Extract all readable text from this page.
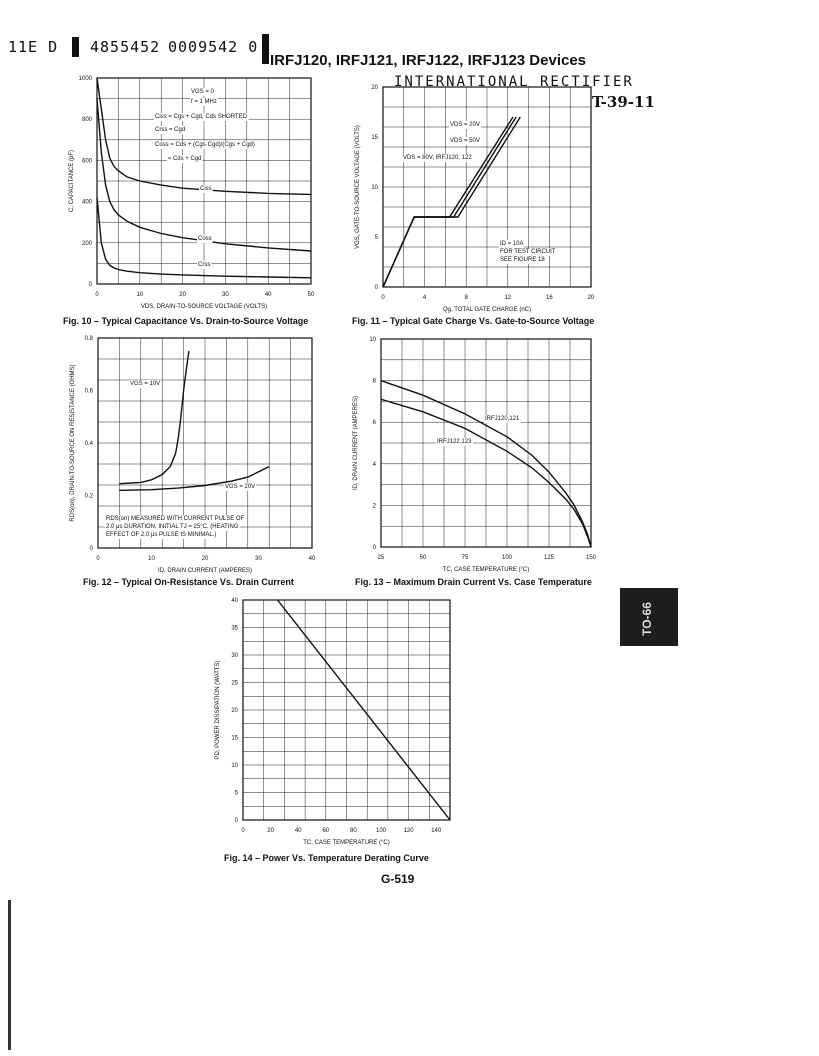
11E D 4855452 0009542 0
IRFJ120, IRFJ121, IRFJ122, IRFJ123 Devices
INTERNATIONAL RECTIFIER
T-39-11
0	10	20	30	40	50
0
200
400
600
800
1000
VDS, DRAIN-TO-SOURCE VOLTAGE (VOLTS)
C, CAPACITANCE (pF)	Ciss
Coss
Crss
VGS = 0
f = 1 MHz
Ciss = Cgs + Cgd, Cds SHORTED
Crss = Cgd
Coss = Cds + (Cgs·Cgd)/(Cgs + Cgd)
≈ Cds + Cgd
0	4	8	12	16	20
0
5
10
15
20
Qg, TOTAL GATE CHARGE (nC)
VGS, GATE-TO-SOURCE VOLTAGE (VOLTS)	VDS = 80V, IRFJ120, 122
VDS = 50V
VDS = 20V
ID = 10A
FOR TEST CIRCUIT
SEE FIGURE 18
0	10	20	30	40
0
0.2
0.4
0.6
0.8
ID, DRAIN CURRENT (AMPERES)
RDS(on), DRAIN-TO-SOURCE ON RESISTANCE (OHMS)	VGS = 10V
VGS = 20V
RDS(on) MEASURED WITH CURRENT PULSE OF
2.0 μs DURATION. INITIAL TJ = 25°C. (HEATING
EFFECT OF 2.0 μs PULSE IS MINIMAL.)
25	50	75	100	125	150
0
2
4
6
8
10
TC, CASE TEMPERATURE (°C)
ID, DRAIN CURRENT (AMPERES)	IRFJ120,121
IRFJ122,123
0	20	40	60	80	100	120	140
0
5
10
15
20
25
30
35
40
TC, CASE TEMPERATURE (°C)
PD, POWER DISSIPATION (WATTS)
Fig. 10 – Typical Capacitance Vs. Drain-to-Source Voltage	Fig. 11 – Typical Gate Charge Vs. Gate-to-Source Voltage
Fig. 12 – Typical On-Resistance Vs. Drain Current	Fig. 13 – Maximum Drain Current Vs. Case Temperature
Fig. 14 – Power Vs. Temperature Derating Curve
TO-66
G-519
